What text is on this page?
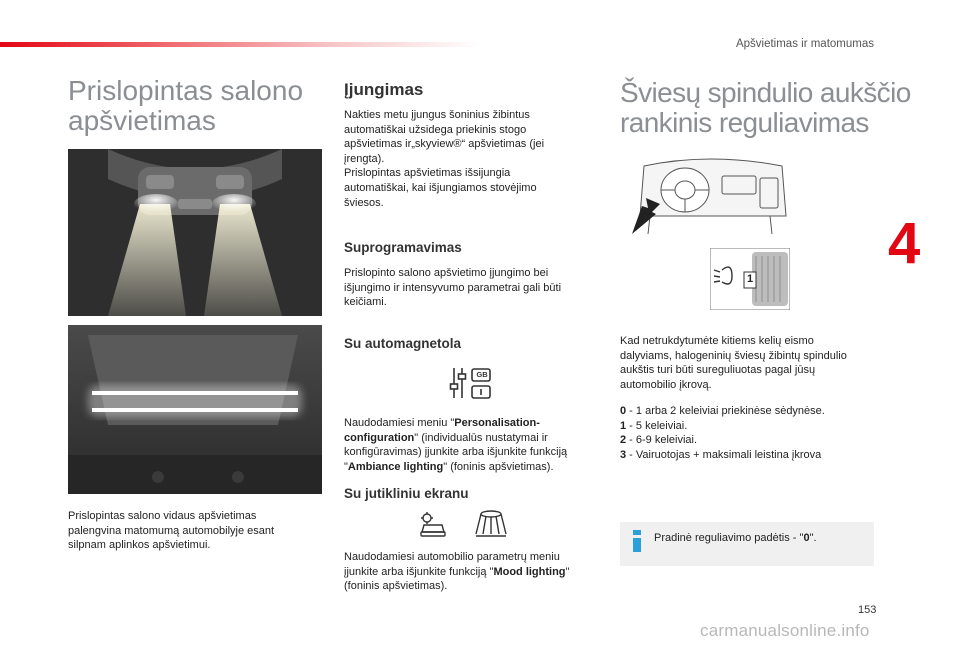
Apšvietimas ir matomumas
4
Prislopintas salono
apšvietimas
Prislopintas salono vidaus apšvietimas
palengvina matomumą automobilyje esant
silpnam aplinkos apšvietimui.
Įjungimas
Nakties metu įjungus šoninius žibintus
automatiškai užsidega priekinis stogo
apšvietimas ir„skyview®“ apšvietimas (jei
įrengta).
Prislopintas apšvietimas išsijungia
automatiškai, kai išjungiamos stovėjimo
šviesos.
Suprogramavimas
Prislopinto salono apšvietimo įjungimo bei
išjungimo ir intensyvumo parametrai gali būti
keičiami.
Su automagnetola
GB
Naudodamiesi meniu "Personalisation-
configuration" (individualūs nustatymai ir
konfigūravimas) įjunkite arba išjunkite funkciją
"Ambiance lighting" (foninis apšvietimas).
Su jutikliniu ekranu
Naudodamiesi automobilio parametrų meniu
įjunkite arba išjunkite funkciją "Mood lighting"
(foninis apšvietimas).
Šviesų spindulio aukščio
rankinis reguliavimas
1
Kad netrukdytumėte kitiems kelių eismo
dalyviams, halogeninių šviesų žibintų spindulio
aukštis turi būti sureguliuotas pagal jūsų
automobilio įkrovą.
0 - 1 arba 2 keleiviai priekinėse sėdynėse.
1 - 5 keleiviai.
2 - 6-9 keleiviai.
3 - Vairuotojas + maksimali leistina įkrova
Pradinė reguliavimo padėtis - "0".
153
carmanualsonline.info
